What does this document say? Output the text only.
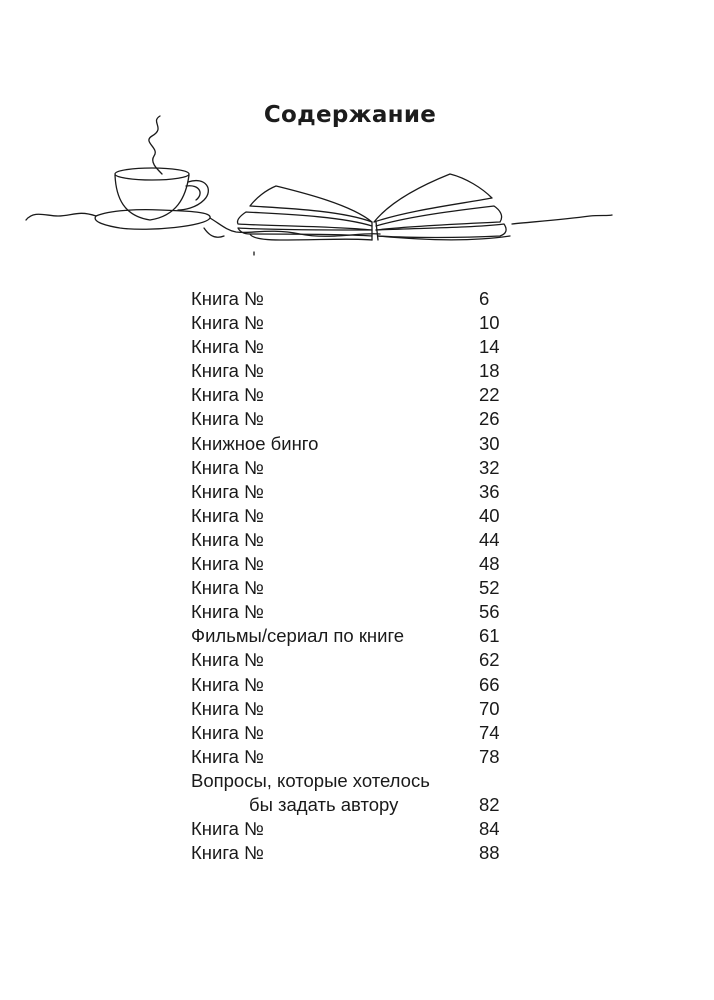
Содержание
Книга №	6
Книга №	10
Книга №	14
Книга №	18
Книга №	22
Книга №	26
Книжное бинго	30
Книга №	32
Книга №	36
Книга №	40
Книга №	44
Книга №	48
Книга №	52
Книга №	56
Фильмы/сериал по книге	61
Книга №	62
Книга №	66
Книга №	70
Книга №	74
Книга №	78
Вопросы, которые хотелось
бы задать автору	82
Книга №	84
Книга №	88
